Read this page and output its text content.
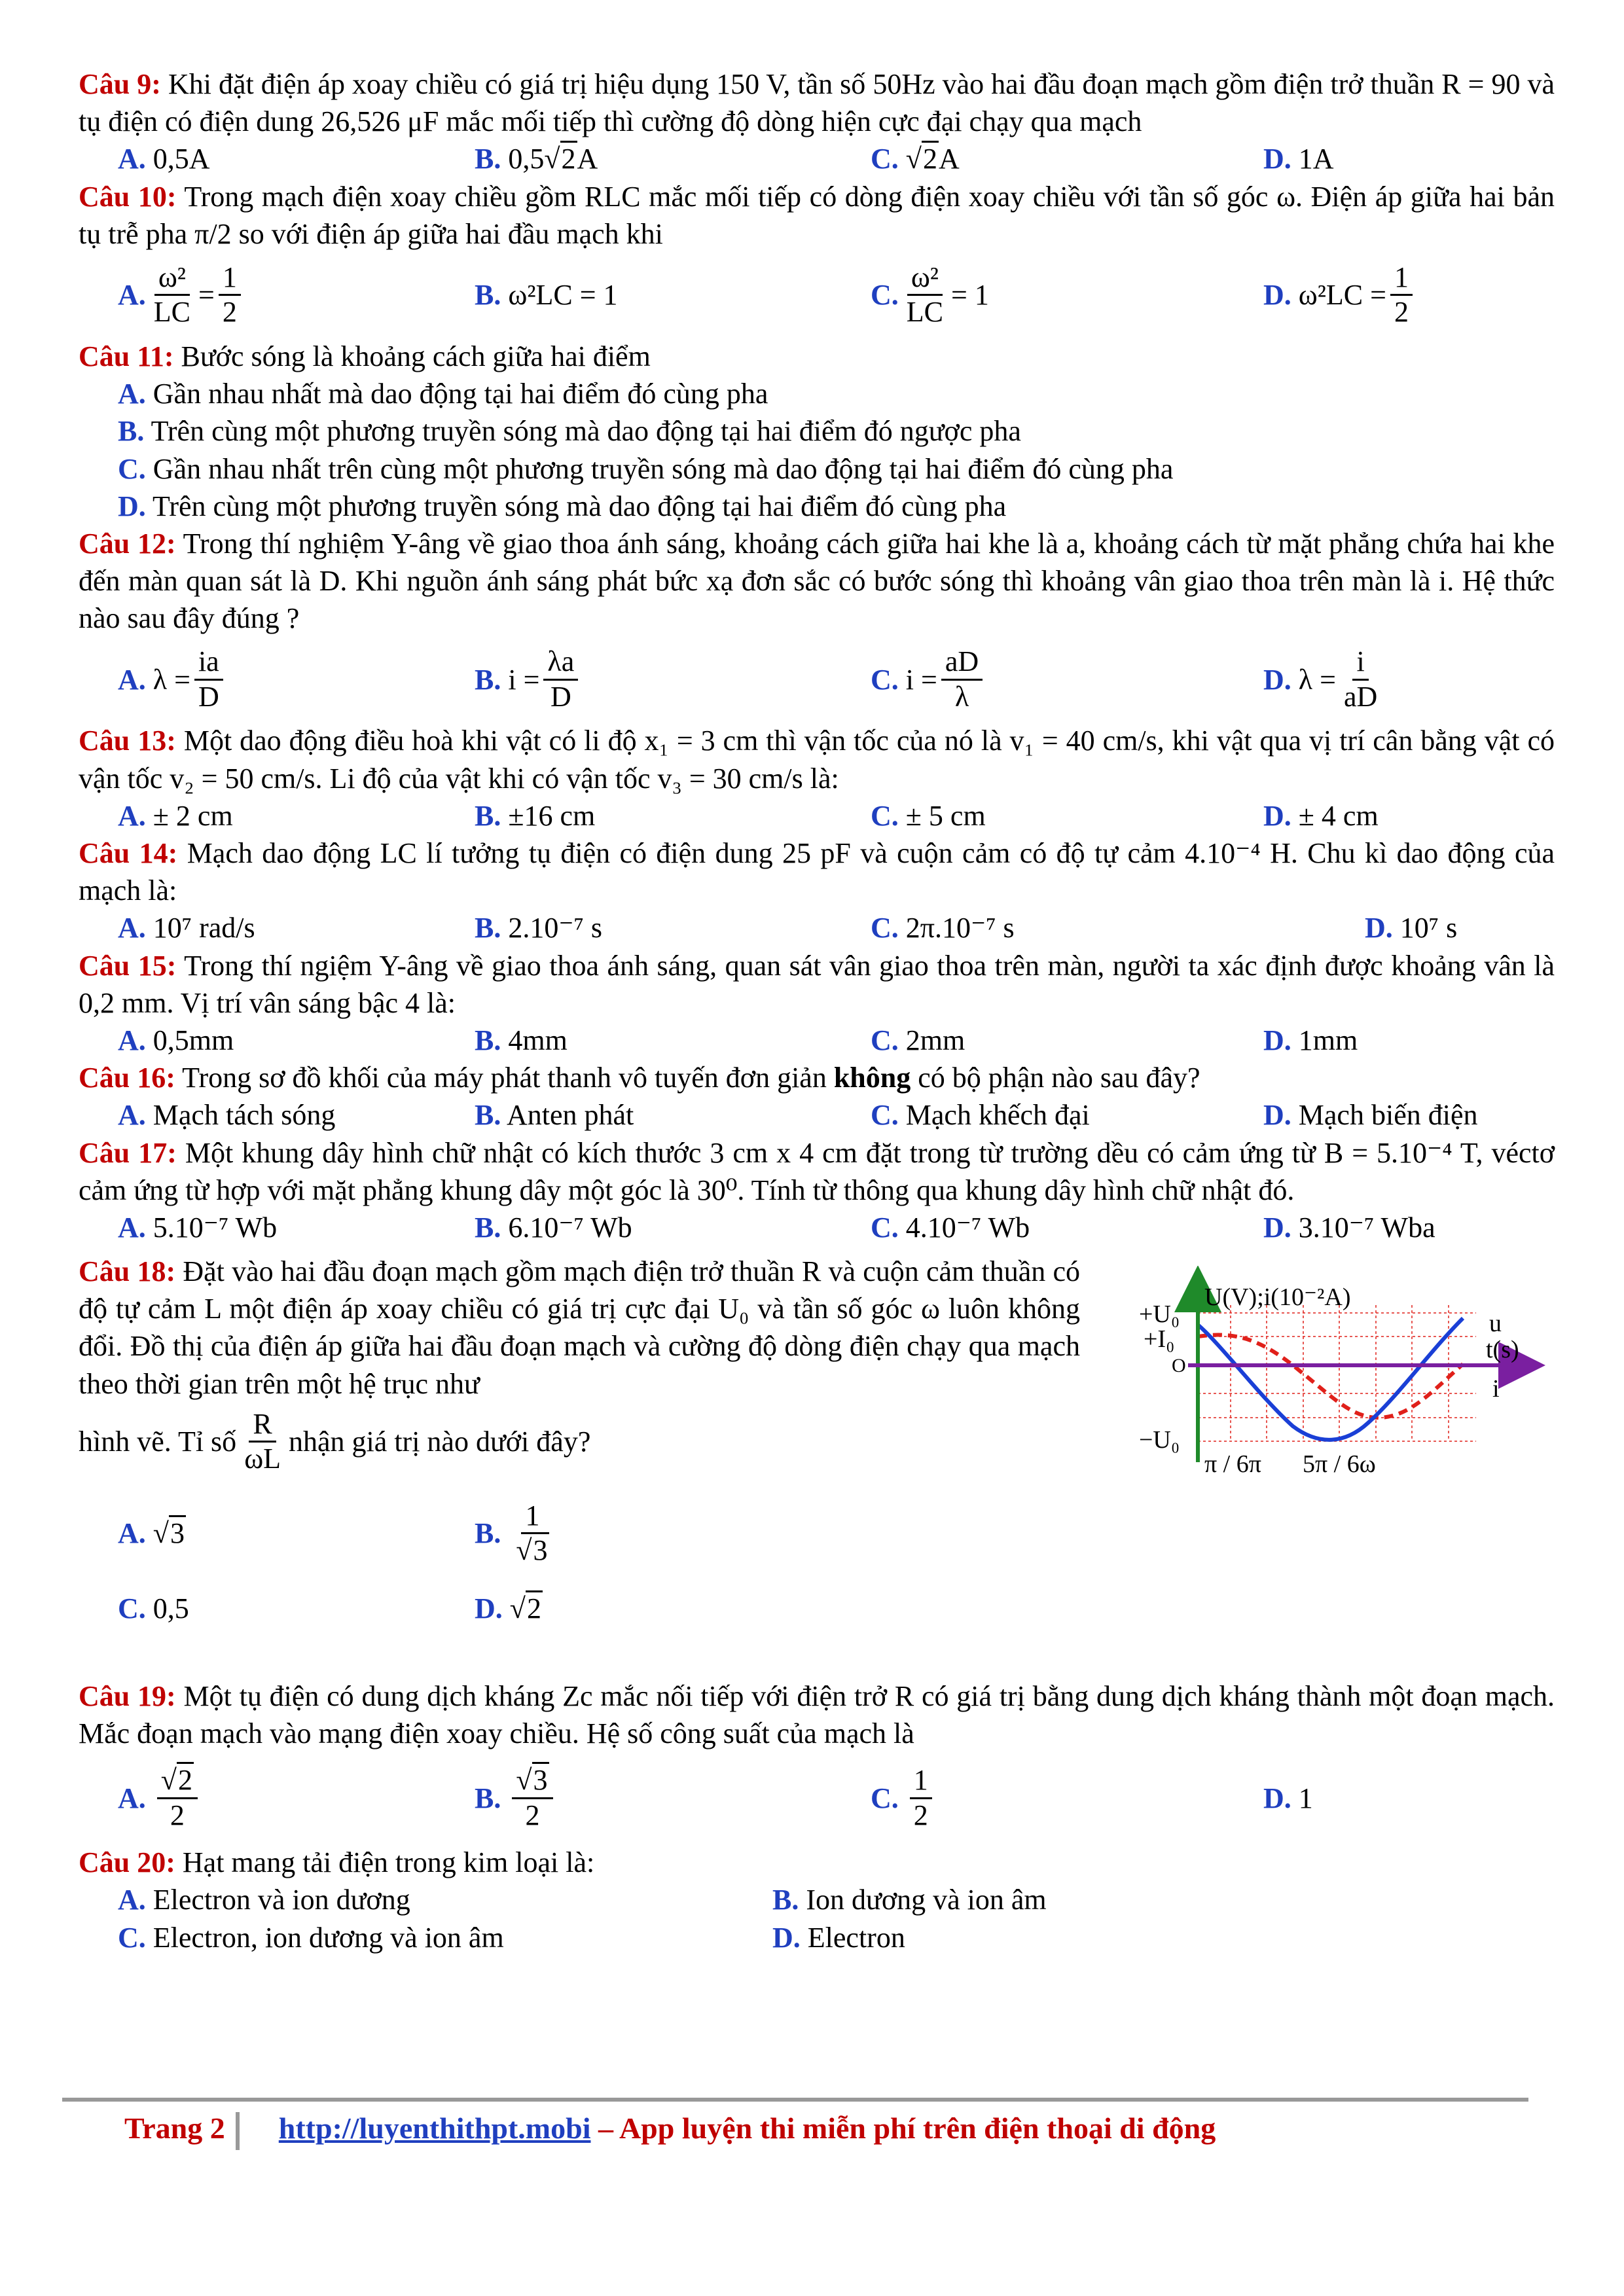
Câu 9: Khi đặt điện áp xoay chiều có giá trị hiệu dụng 150 V, tần số 50Hz vào hai đầu đoạn mạch gồm điện trở thuần R = 90 và tụ điện có điện dung 26,526 μF mắc mối tiếp thì cường độ dòng hiện cực đại chạy qua mạch

A. 0,5A	B. 0,5√2A	C. √2A	D. 1A

Câu 10: Trong mạch điện xoay chiều gồm RLC mắc mối tiếp có dòng điện xoay chiều với tần số góc ω. Điện áp giữa hai bản tụ trễ pha π/2 so với điện áp giữa hai đầu mạch khi

A. $\frac{\text{ω²}}{LC} = \frac{1}{2}$	B.
ω²LC = 1	C. $\frac{\text{ω²}}{LC} = 1$	D.
$\omega^2LC = \frac{1}{2}$

Câu 11: Bước sóng là khoảng cách giữa hai điểm

A. Gần nhau nhất mà dao động tại hai điểm đó cùng pha
B. Trên cùng một phương truyền sóng mà dao động tại hai điểm đó ngược pha
C. Gần nhau nhất trên cùng một phương truyền sóng mà dao động tại hai điểm đó cùng pha
D. Trên cùng một phương truyền sóng mà dao động tại hai điểm đó cùng pha

Câu 12: Trong thí nghiệm Y-âng về giao thoa ánh sáng, khoảng cách giữa hai khe là a, khoảng cách từ mặt phẳng chứa hai khe đến màn quan sát là D. Khi nguồn ánh sáng phát bức xạ đơn sắc có bước sóng thì khoảng vân giao thoa trên màn là i. Hệ thức nào sau đây đúng ?

A.
$\lambda = \frac{ia}{D}$	B.
$i = \frac{\lambda a}{D}$	C.
$i = \frac{aD}{\lambda}$	D.
$\lambda = \frac{i}{aD}$

Câu 13: Một dao động điều hoà khi vật có li độ x₁ = 3 cm thì vận tốc của nó là v₁ = 40 cm/s, khi vật qua vị trí cân bằng vật có vận tốc v₂ = 50 cm/s. Li độ của vật khi có vận tốc v₃ = 30 cm/s là:

A. ± 2 cm	B. ±16 cm	C. ± 5 cm	D. ± 4 cm

Câu 14: Mạch dao động LC lí tưởng tụ điện có điện dung 25 pF và cuộn cảm có độ tự cảm 4.10⁻⁴ H. Chu kì dao động của mạch là:

A. 10⁷ rad/s	B. 2.10⁻⁷ s	C. 2π.10⁻⁷ s	D. 10⁷ s

Câu 15: Trong thí ngiệm Y-âng về giao thoa ánh sáng, quan sát vân giao thoa trên màn, người ta xác định được khoảng vân là 0,2 mm. Vị trí vân sáng bậc 4 là:

A. 0,5mm	B. 4mm	C. 2mm	D. 1mm

Câu 16: Trong sơ đồ khối của máy phát thanh vô tuyến đơn giản không có bộ phận nào sau đây?

A. Mạch tách sóng	B. Anten phát	C. Mạch khếch đại	D. Mạch biến điện

Câu 17: Một khung dây hình chữ nhật có kích thước 3 cm x 4 cm đặt trong từ trường dều có cảm ứng từ B = 5.10⁻⁴ T, véctơ cảm ứng từ hợp với mặt phẳng khung dây một góc là 30⁰. Tính từ thông qua khung dây hình chữ nhật đó.

A. 5.10⁻⁷ Wb	B. 6.10⁻⁷ Wb	C. 4.10⁻⁷ Wb	D. 3.10⁻⁷ Wba

Câu 18: Đặt vào hai đầu đoạn mạch gồm mạch điện trở thuần R và cuộn cảm thuần có độ tự cảm L một điện áp xoay chiều có giá trị cực đại U₀ và tần số góc ω luôn không đổi. Đồ thị của điện áp giữa hai đầu đoạn mạch và cường độ dòng điện chạy qua mạch theo thời gian trên một hệ trục như

hình vẽ. Tỉ số $\frac{R}{\omega L}$ nhận giá trị nào dưới đây?
A. √3	B.
$\frac{1}{√3}$
C. 0,5	D. √2
U(V);i(10⁻²A)
+U₀
+I₀
O
−U₀
u
t(s)
i
π / 6π 5π / 6ω

Câu 19: Một tụ điện có dung dịch kháng Zc mắc nối tiếp với điện trở R có giá trị bằng dung dịch kháng thành một đoạn mạch. Mắc đoạn mạch vào mạng điện xoay chiều. Hệ số công suất của mạch là

A.
$\frac{√2}{2}$	B.
$\frac{√3}{2}$	C.
$\frac{1}{2}$	D.
1

Câu 20: Hạt mang tải điện trong kim loại là:

A. Electron và ion dương	B. Ion dương và ion âm
C. Electron, ion dương và ion âm	D. Electron
Trang 2 http://luyenthithpt.mobi – App luyện thi miễn phí trên điện thoại di động
